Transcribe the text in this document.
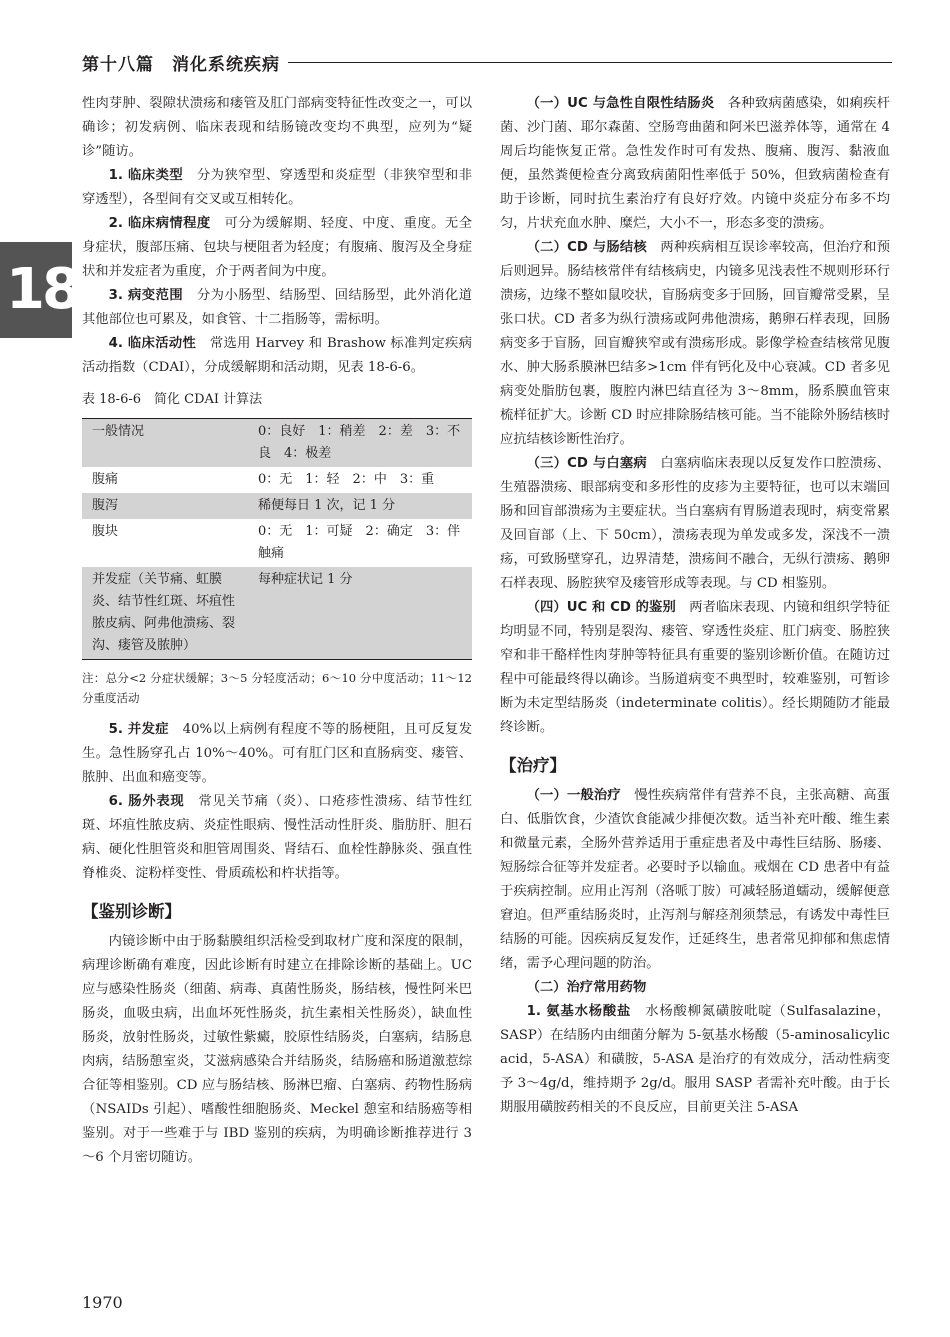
第十八篇　消化系统疾病
18

性肉芽肿、裂隙状溃疡和瘘管及肛门部病变特征性改变之一，可以确诊；初发病例、临床表现和结肠镜改变均不典型，应列为“疑诊”随访。

1. 临床类型　分为狭窄型、穿透型和炎症型（非狭窄型和非穿透型），各型间有交叉或互相转化。

2. 临床病情程度　可分为缓解期、轻度、中度、重度。无全身症状，腹部压痛、包块与梗阻者为轻度；有腹痛、腹泻及全身症状和并发症者为重度，介于两者间为中度。

3. 病变范围　分为小肠型、结肠型、回结肠型，此外消化道其他部位也可累及，如食管、十二指肠等，需标明。

4. 临床活动性　常选用 Harvey 和 Brashow 标准判定疾病活动指数（CDAI），分成缓解期和活动期，见表 18-6-6。

表 18-6-6　简化 CDAI 计算法

一般情况	0：良好　1：稍差　2：差　3：不良　4：极差
腹痛	0：无　1：轻　2：中　3：重
腹泻	稀便每日 1 次，记 1 分
腹块	0：无　1：可疑　2：确定　3：伴触痛
并发症（关节痛、虹膜炎、结节性红斑、坏疽性脓皮病、阿弗他溃疡、裂沟、瘘管及脓肿）	每种症状记 1 分

注：总分<2 分症状缓解；3～5 分轻度活动；6～10 分中度活动；11～12 分重度活动

5. 并发症　40%以上病例有程度不等的肠梗阻，且可反复发生。急性肠穿孔占 10%～40%。可有肛门区和直肠病变、瘘管、脓肿、出血和癌变等。

6. 肠外表现　常见关节痛（炎）、口疮疹性溃疡、结节性红斑、坏疽性脓皮病、炎症性眼病、慢性活动性肝炎、脂肪肝、胆石病、硬化性胆管炎和胆管周围炎、肾结石、血栓性静脉炎、强直性脊椎炎、淀粉样变性、骨质疏松和杵状指等。

【鉴别诊断】

内镜诊断中由于肠黏膜组织活检受到取材广度和深度的限制，病理诊断确有难度，因此诊断有时建立在排除诊断的基础上。UC 应与感染性肠炎（细菌、病毒、真菌性肠炎，肠结核，慢性阿米巴肠炎，血吸虫病，出血坏死性肠炎，抗生素相关性肠炎），缺血性肠炎，放射性肠炎，过敏性紫癜，胶原性结肠炎，白塞病，结肠息肉病，结肠憩室炎，艾滋病感染合并结肠炎，结肠癌和肠道激惹综合征等相鉴别。CD 应与肠结核、肠淋巴瘤、白塞病、药物性肠病（NSAIDs 引起）、嗜酸性细胞肠炎、Meckel 憩室和结肠癌等相鉴别。对于一些难于与 IBD 鉴别的疾病，为明确诊断推荐进行 3～6 个月密切随访。

（一）UC 与急性自限性结肠炎　各种致病菌感染，如痢疾杆菌、沙门菌、耶尔森菌、空肠弯曲菌和阿米巴滋养体等，通常在 4 周后均能恢复正常。急性发作时可有发热、腹痛、腹泻、黏液血便，虽然粪便检查分离致病菌阳性率低于 50%，但致病菌检查有助于诊断，同时抗生素治疗有良好疗效。内镜中炎症分布多不均匀，片状充血水肿、糜烂，大小不一，形态多变的溃疡。

（二）CD 与肠结核　两种疾病相互误诊率较高，但治疗和预后则迥异。肠结核常伴有结核病史，内镜多见浅表性不规则形环行溃疡，边缘不整如鼠咬状，盲肠病变多于回肠，回盲瓣常受累，呈张口状。CD 者多为纵行溃疡或阿弗他溃疡，鹅卵石样表现，回肠病变多于盲肠，回盲瓣狭窄或有溃疡形成。影像学检查结核常见腹水、肿大肠系膜淋巴结多>1cm 伴有钙化及中心衰减。CD 者多见病变处脂肪包裹，腹腔内淋巴结直径为 3～8mm，肠系膜血管束梳样征扩大。诊断 CD 时应排除肠结核可能。当不能除外肠结核时应抗结核诊断性治疗。

（三）CD 与白塞病　白塞病临床表现以反复发作口腔溃疡、生殖器溃疡、眼部病变和多形性的皮疹为主要特征，也可以末端回肠和回盲部溃疡为主要症状。当白塞病有胃肠道表现时，病变常累及回盲部（上、下 50cm），溃疡表现为单发或多发，深浅不一溃疡，可致肠壁穿孔，边界清楚，溃疡间不融合，无纵行溃疡、鹅卵石样表现、肠腔狭窄及瘘管形成等表现。与 CD 相鉴别。

（四）UC 和 CD 的鉴别　两者临床表现、内镜和组织学特征均明显不同，特别是裂沟、瘘管、穿透性炎症、肛门病变、肠腔狭窄和非干酪样性肉芽肿等特征具有重要的鉴别诊断价值。在随访过程中可能最终得以确诊。当肠道病变不典型时，较难鉴别，可暂诊断为未定型结肠炎（indeterminate colitis）。经长期随防才能最终诊断。

【治疗】

（一）一般治疗　慢性疾病常伴有营养不良，主张高糖、高蛋白、低脂饮食，少渣饮食能减少排便次数。适当补充叶酸、维生素和微量元素，全肠外营养适用于重症患者及中毒性巨结肠、肠瘘、短肠综合征等并发症者。必要时予以输血。戒烟在 CD 患者中有益于疾病控制。应用止泻剂（洛哌丁胺）可减轻肠道蠕动，缓解便意窘迫。但严重结肠炎时，止泻剂与解痉剂须禁忌，有诱发中毒性巨结肠的可能。因疾病反复发作，迁延终生，患者常见抑郁和焦虑情绪，需予心理问题的防治。

（二）治疗常用药物

1. 氨基水杨酸盐　水杨酸柳氮磺胺吡啶（Sulfasalazine，SASP）在结肠内由细菌分解为 5-氨基水杨酸（5-aminosalicylic acid，5-ASA）和磺胺，5-ASA 是治疗的有效成分，活动性病变予 3～4g/d，维持期予 2g/d。服用 SASP 者需补充叶酸。由于长期服用磺胺药相关的不良反应，目前更关注 5-ASA

1970
